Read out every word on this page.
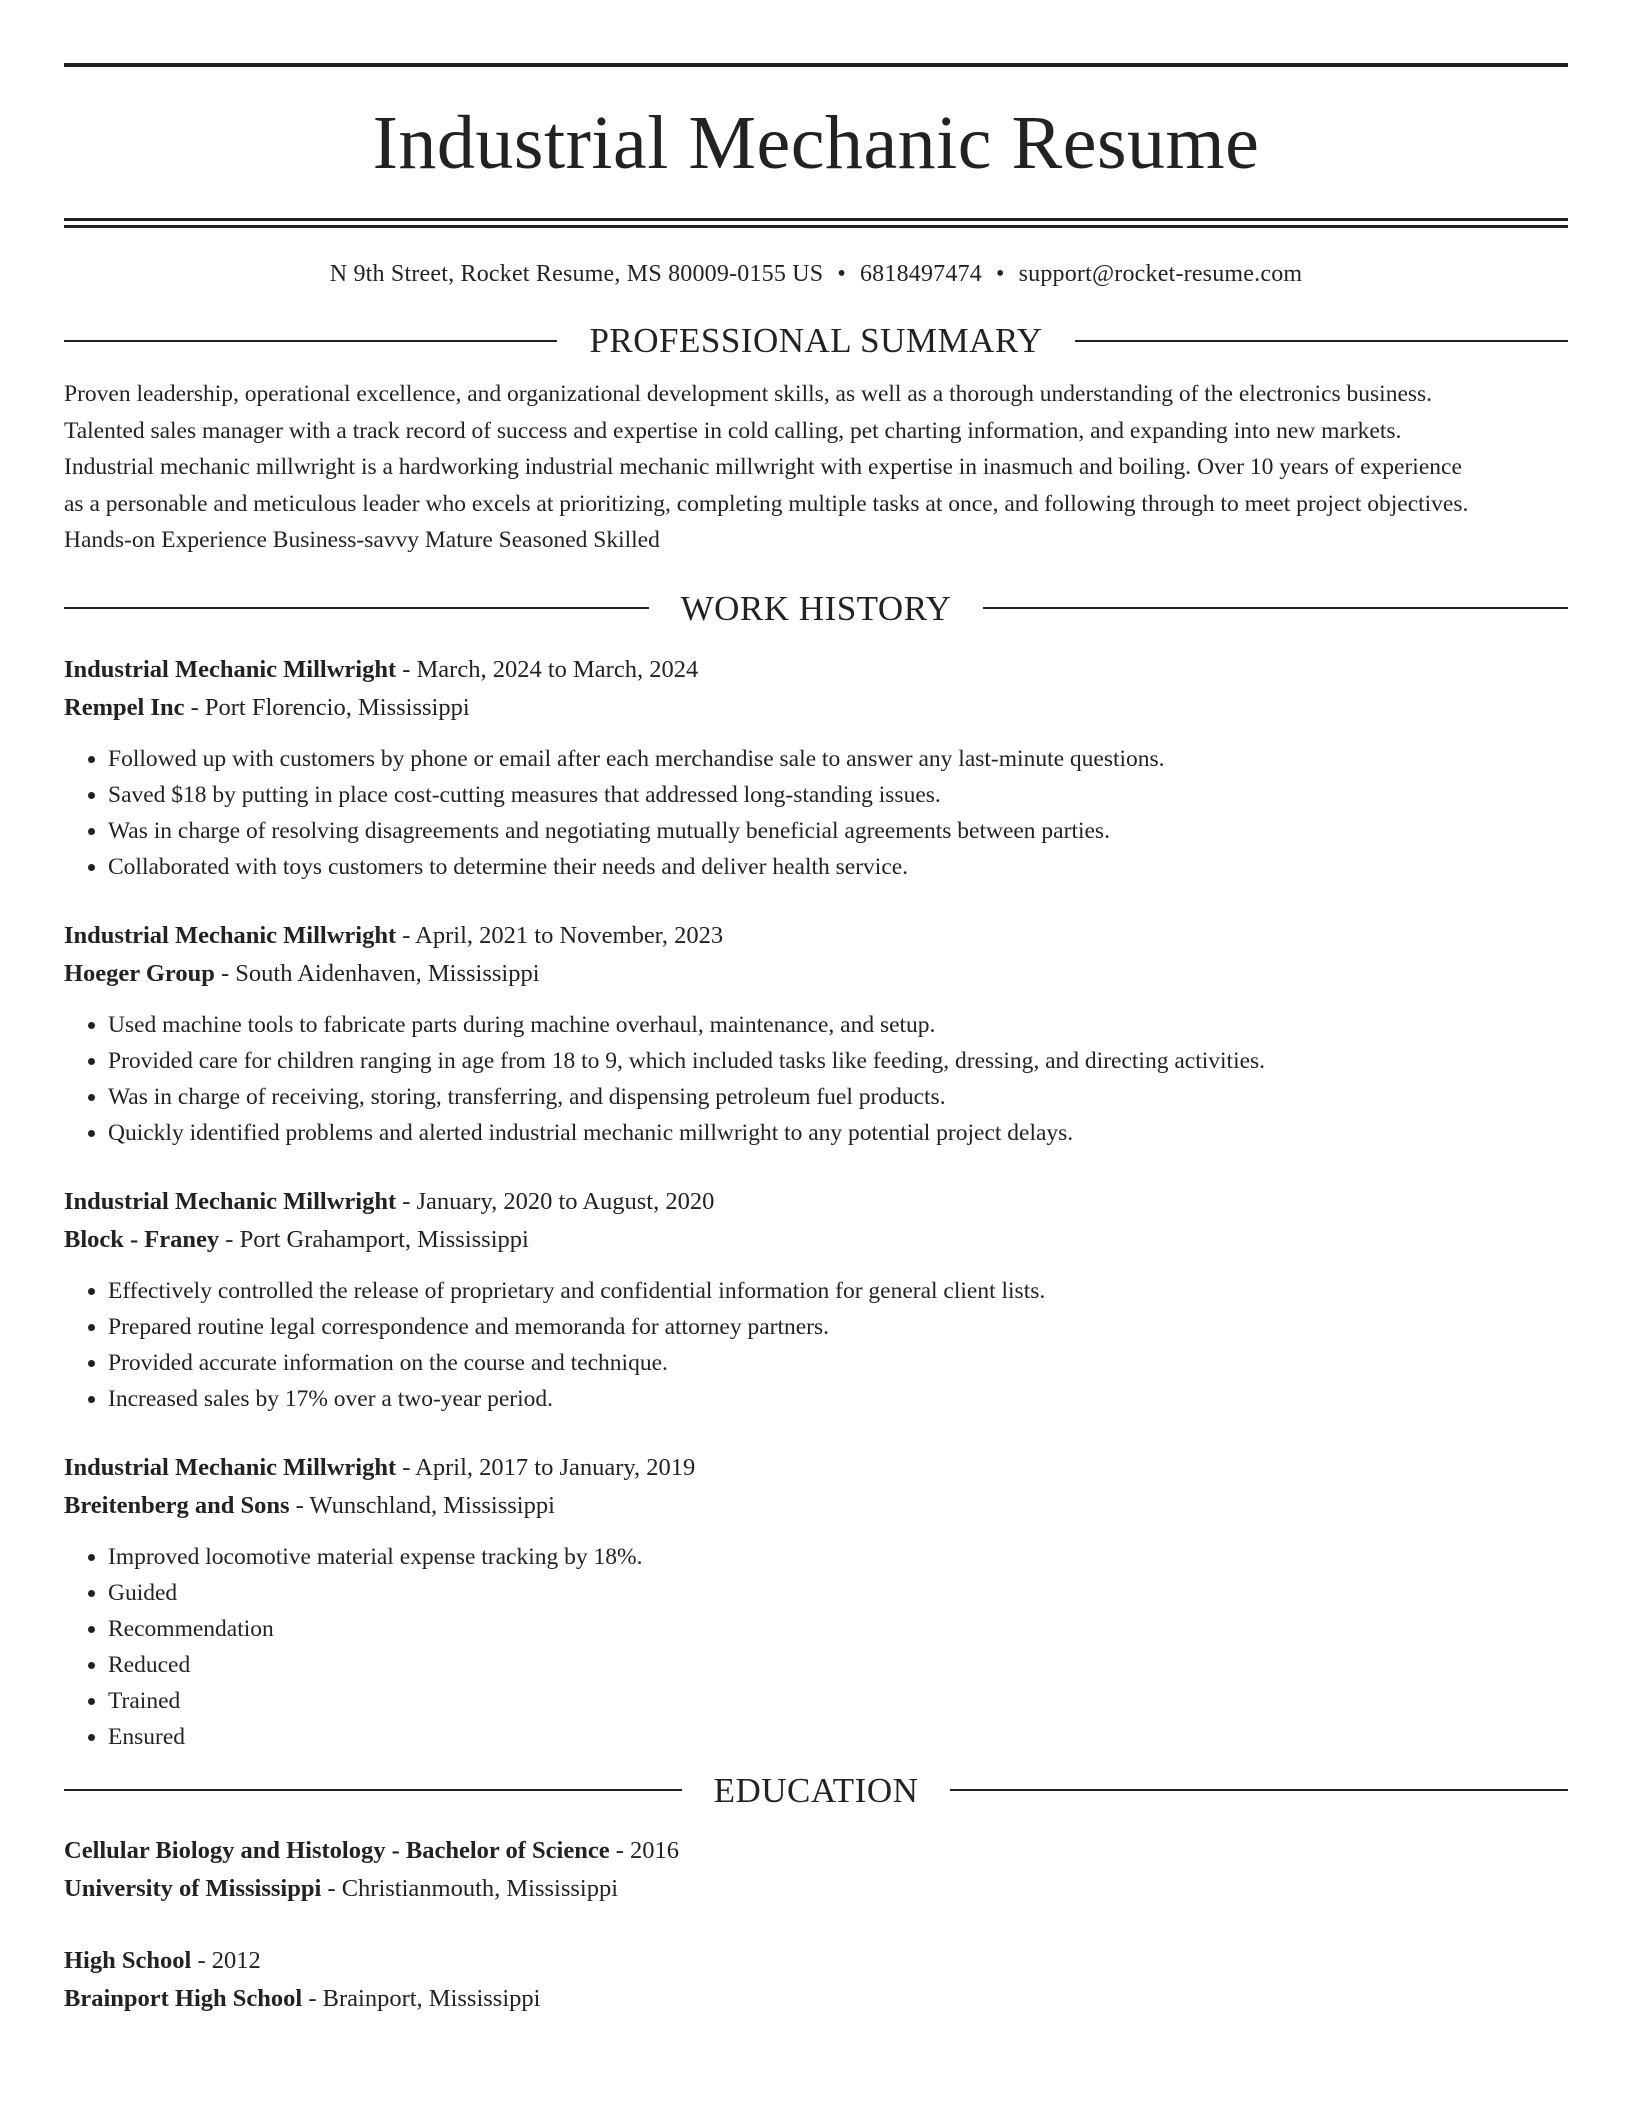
Industrial Mechanic Resume
N 9th Street, Rocket Resume, MS 80009-0155 US • 6818497474 • support@rocket-resume.com
PROFESSIONAL SUMMARY
Proven leadership, operational excellence, and organizational development skills, as well as a thorough understanding of the electronics business.
Talented sales manager with a track record of success and expertise in cold calling, pet charting information, and expanding into new markets.
Industrial mechanic millwright is a hardworking industrial mechanic millwright with expertise in inasmuch and boiling. Over 10 years of experience
as a personable and meticulous leader who excels at prioritizing, completing multiple tasks at once, and following through to meet project objectives.
Hands-on Experience Business-savvy Mature Seasoned Skilled
WORK HISTORY
Industrial Mechanic Millwright - March, 2024 to March, 2024
Rempel Inc - Port Florencio, Mississippi
• Followed up with customers by phone or email after each merchandise sale to answer any last-minute questions.
• Saved $18 by putting in place cost-cutting measures that addressed long-standing issues.
• Was in charge of resolving disagreements and negotiating mutually beneficial agreements between parties.
• Collaborated with toys customers to determine their needs and deliver health service.
Industrial Mechanic Millwright - April, 2021 to November, 2023
Hoeger Group - South Aidenhaven, Mississippi
• Used machine tools to fabricate parts during machine overhaul, maintenance, and setup.
• Provided care for children ranging in age from 18 to 9, which included tasks like feeding, dressing, and directing activities.
• Was in charge of receiving, storing, transferring, and dispensing petroleum fuel products.
• Quickly identified problems and alerted industrial mechanic millwright to any potential project delays.
Industrial Mechanic Millwright - January, 2020 to August, 2020
Block - Franey - Port Grahamport, Mississippi
• Effectively controlled the release of proprietary and confidential information for general client lists.
• Prepared routine legal correspondence and memoranda for attorney partners.
• Provided accurate information on the course and technique.
• Increased sales by 17% over a two-year period.
Industrial Mechanic Millwright - April, 2017 to January, 2019
Breitenberg and Sons - Wunschland, Mississippi
• Improved locomotive material expense tracking by 18%.
• Guided
• Recommendation
• Reduced
• Trained
• Ensured
EDUCATION
Cellular Biology and Histology - Bachelor of Science - 2016
University of Mississippi - Christianmouth, Mississippi
High School - 2012
Brainport High School - Brainport, Mississippi
